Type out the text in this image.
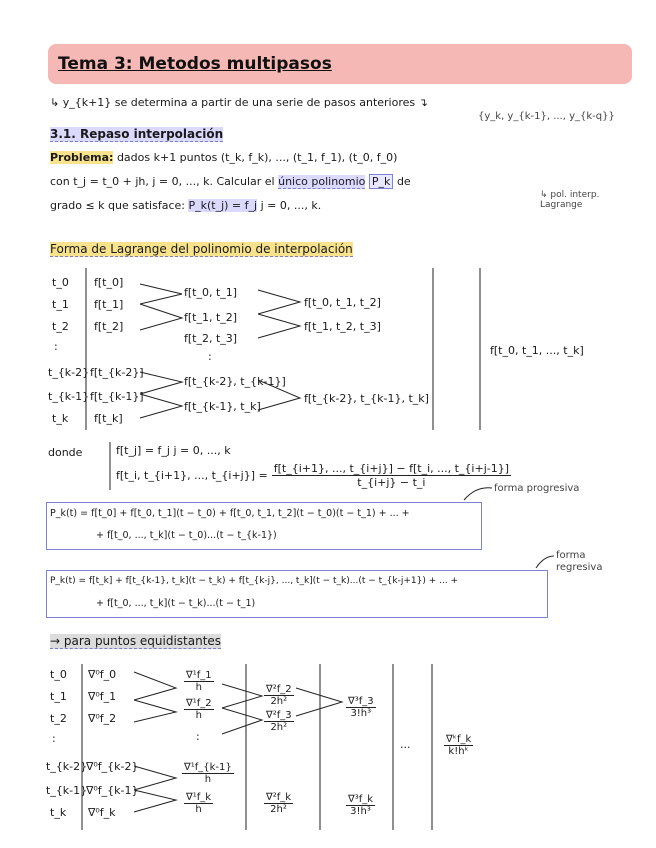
Tema 3: Metodos multipasos
↳ y_{k+1} se determina a partir de una serie de pasos anteriores ↴
{y_k, y_{k-1}, ..., y_{k-q}}
3.1. Repaso interpolación
Problema: dados k+1 puntos (t_k, f_k), ..., (t_1, f_1), (t_0, f_0)
con t_j = t_0 + jh, j = 0, ..., k. Calcular el único polinomio P_k de
grado ≤ k que satisface: P_k(t_j) = f_j j = 0, ..., k.
↳ pol. interp. Lagrange
Forma de Lagrange del polinomio de interpolación
t_0
t_1
t_2
:
t_{k-2}
t_{k-1}
t_k
f[t_0]
f[t_1]
f[t_2]
f[t_{k-2}]
f[t_{k-1}]
f[t_k]
f[t_0, t_1]
f[t_1, t_2]
f[t_2, t_3]
:
f[t_{k-2}, t_{k-1}]
f[t_{k-1}, t_k]
f[t_0, t_1, t_2]
f[t_1, t_2, t_3]
f[t_{k-2}, t_{k-1}, t_k]
f[t_0, t_1, ..., t_k]
donde	f[t_j] = f_j j = 0, ..., k
f[t_i, t_{i+1}, ..., t_{i+j}] = $\frac{f[t\_\{i+1\}, ..., t\_\{i+j\}] - f[t\_i, ..., t\_\{i+j-1\}]}{t\_\{i+j\} - t\_i}$
P_k(t) = f[t_0] + f[t_0, t_1](t − t_0) + f[t_0, t_1, t_2](t − t_0)(t − t_1) + ... +
+ f[t_0, ..., t_k](t − t_0)...(t − t_{k-1})
forma progresiva
P_k(t) = f[t_k] + f[t_{k-1}, t_k](t − t_k) + f[t_{k-j}, ..., t_k](t − t_k)...(t − t_{k-j+1}) + ... +
+ f[t_0, ..., t_k](t − t_k)...(t − t_1)
forma regresiva
→ para puntos equidistantes
t_0
t_1
t_2
:
t_{k-2}
t_{k-1}
t_k
∇⁰f_0
∇⁰f_1
∇⁰f_2
∇⁰f_{k-2}
∇⁰f_{k-1}
∇⁰f_k
$\frac{\text{∇¹f\_1}}{h}$
$\frac{\text{∇¹f\_2}}{h}$
:
$\frac{\text{∇¹f\_\{k-1\}}}{h}$
$\frac{\text{∇¹f\_k}}{h}$
$\frac{\text{∇²f\_2}}{\text{2h²}}$
$\frac{\text{∇²f\_3}}{\text{2h²}}$
$\frac{\text{∇²f\_k}}{\text{2h²}}$
$\frac{\text{∇³f\_3}}{\text{3!h³}}$
$\frac{\text{∇³f\_k}}{\text{3!h³}}$
...	$\frac{\text{∇ᵏf\_k}}{\text{k!hᵏ}}$
